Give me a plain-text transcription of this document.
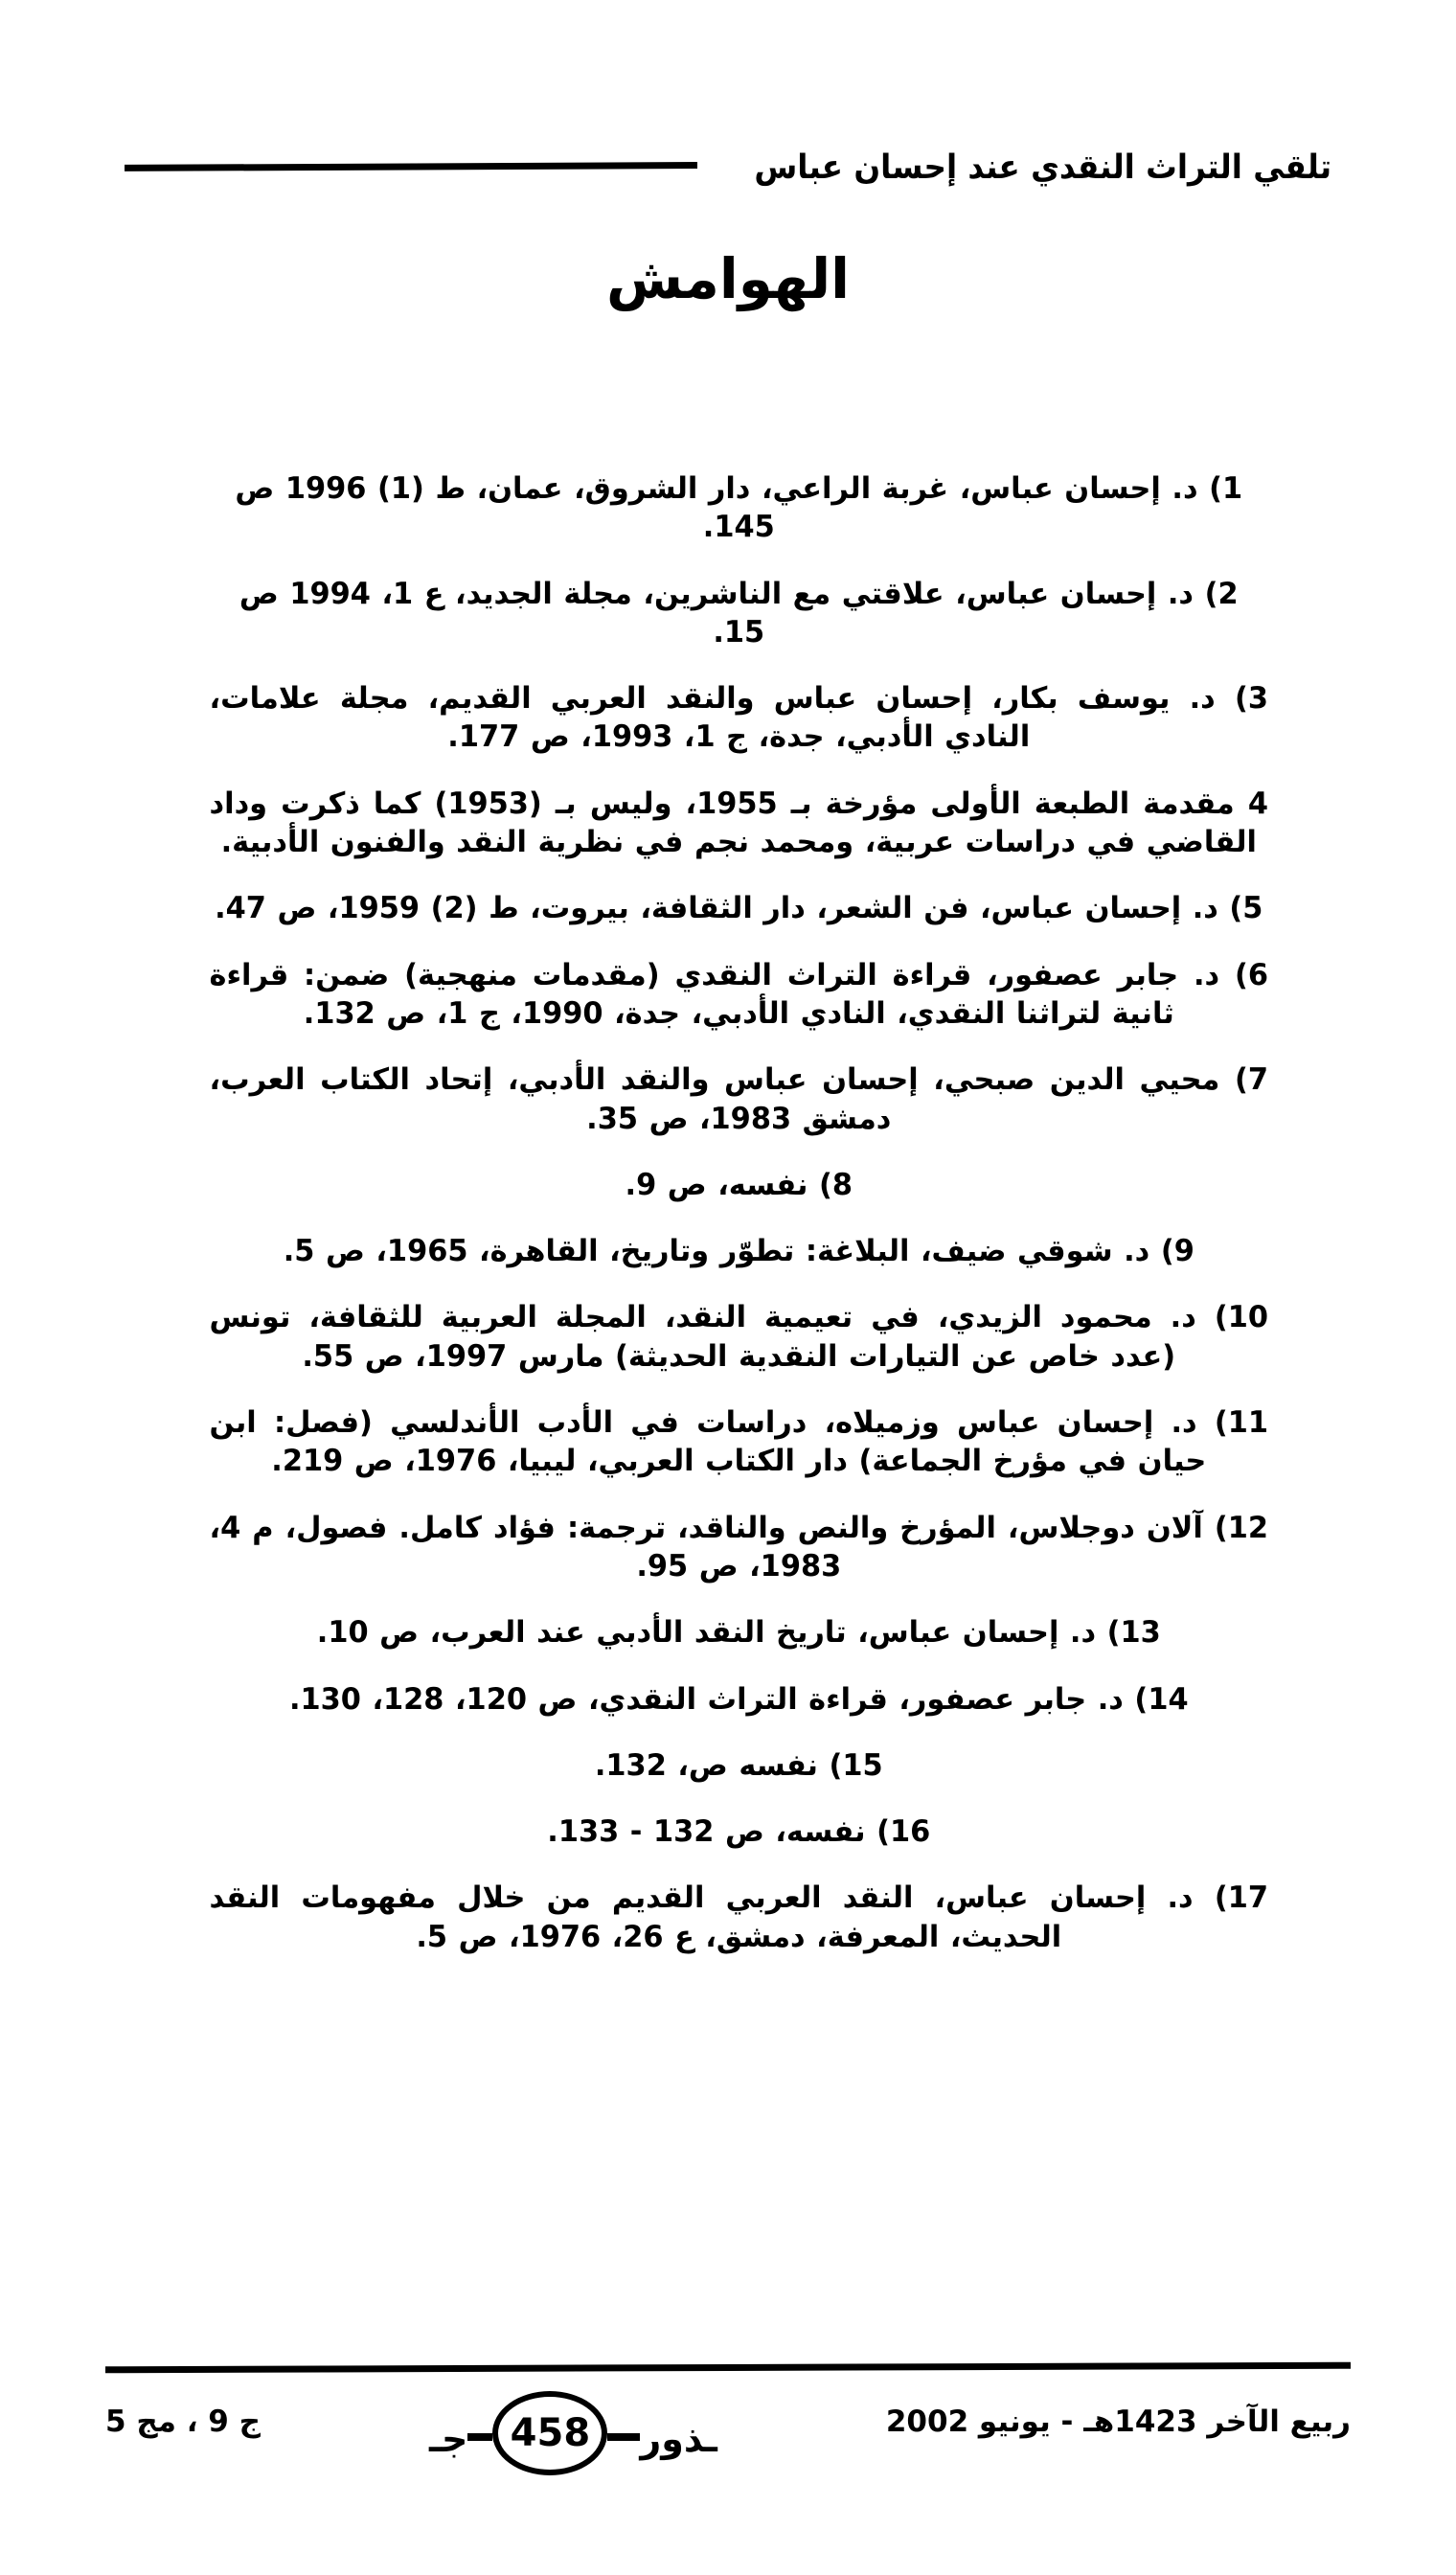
تلقي التراث النقدي عند إحسان عباس
الهوامش
1) د. إحسان عباس، غربة الراعي، دار الشروق، عمان، ط (1) 1996 ص 145.
2) د. إحسان عباس، علاقتي مع الناشرين، مجلة الجديد، ع 1، 1994 ص 15.
3) د. يوسف بكار، إحسان عباس والنقد العربي القديم، مجلة علامات، النادي الأدبي، جدة، ج 1، 1993، ص 177.
4 مقدمة الطبعة الأولى مؤرخة بـ 1955، وليس بـ (1953) كما ذكرت وداد القاضي في دراسات عربية، ومحمد نجم في نظرية النقد والفنون الأدبية.
5) د. إحسان عباس، فن الشعر، دار الثقافة، بيروت، ط (2) 1959، ص 47.
6) د. جابر عصفور، قراءة التراث النقدي (مقدمات منهجية) ضمن: قراءة ثانية لتراثنا النقدي، النادي الأدبي، جدة، 1990، ج 1، ص 132.
7) محيي الدين صبحي، إحسان عباس والنقد الأدبي، إتحاد الكتاب العرب، دمشق 1983، ص 35.
8) نفسه، ص 9.
9) د. شوقي ضيف، البلاغة: تطوّر وتاريخ، القاهرة، 1965، ص 5.
10) د. محمود الزيدي، في تعيمية النقد، المجلة العربية للثقافة، تونس (عدد خاص عن التيارات النقدية الحديثة) مارس 1997، ص 55.
11) د. إحسان عباس وزميلاه، دراسات في الأدب الأندلسي (فصل: ابن حيان في مؤرخ الجماعة) دار الكتاب العربي، ليبيا، 1976، ص 219.
12) آلان دوجلاس، المؤرخ والنص والناقد، ترجمة: فؤاد كامل. فصول، م 4، 1983، ص 95.
13) د. إحسان عباس، تاريخ النقد الأدبي عند العرب، ص 10.
14) د. جابر عصفور، قراءة التراث النقدي، ص 120، 128، 130.
15) نفسه ص، 132.
16) نفسه، ص 132 - 133.
17) د. إحسان عباس، النقد العربي القديم من خلال مفهومات النقد الحديث، المعرفة، دمشق، ع 26، 1976، ص 5.
ربيع الآخر 1423هـ - يونيو 2002
ـذور
458
جـ
ج 9 ، مج 5
